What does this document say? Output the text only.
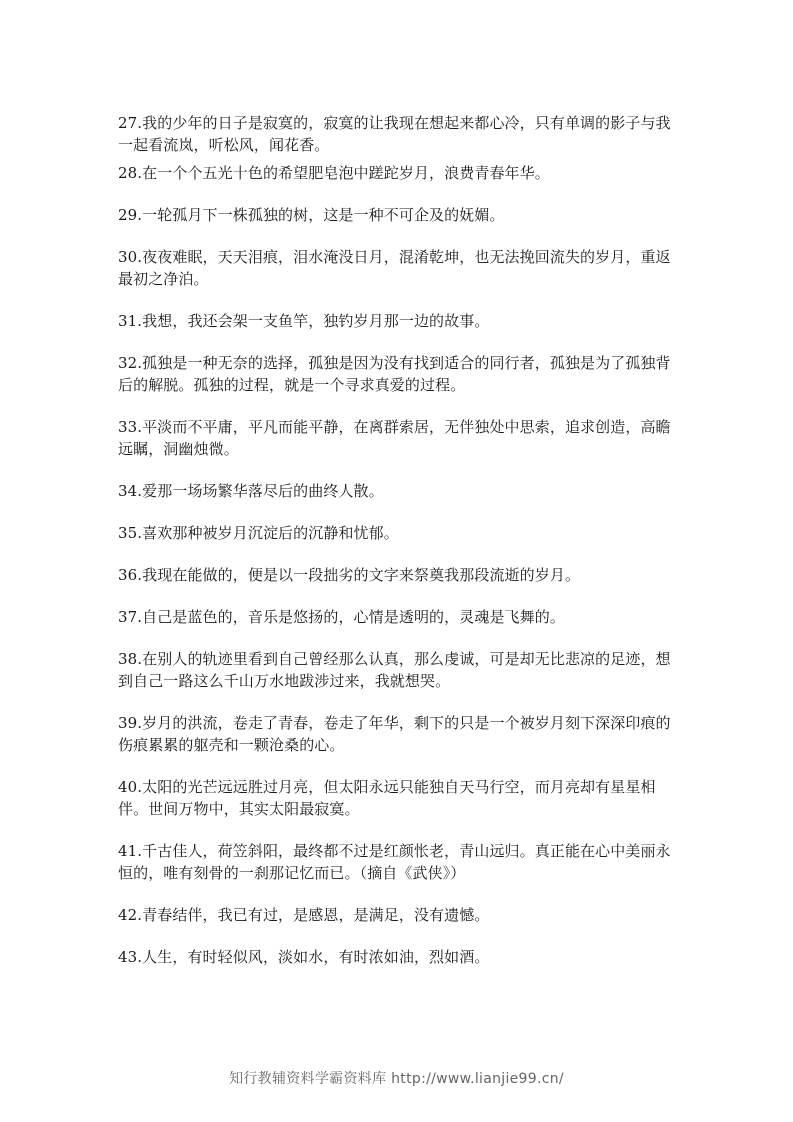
27.我的少年的日子是寂寞的，寂寞的让我现在想起来都心冷，只有单调的影子与我一起看流岚，听松风，闻花香。

28.在一个个五光十色的希望肥皂泡中蹉跎岁月，浪费青春年华。

29.一轮孤月下一株孤独的树，这是一种不可企及的妩媚。

30.夜夜难眠，天天泪痕，泪水淹没日月，混淆乾坤，也无法挽回流失的岁月，重返最初之净泊。

31.我想，我还会架一支鱼竿，独钓岁月那一边的故事。

32.孤独是一种无奈的选择，孤独是因为没有找到适合的同行者，孤独是为了孤独背后的解脱。孤独的过程，就是一个寻求真爱的过程。

33.平淡而不平庸，平凡而能平静，在离群索居，无伴独处中思索，追求创造，高瞻远瞩，洞幽烛微。

34.爱那一场场繁华落尽后的曲终人散。

35.喜欢那种被岁月沉淀后的沉静和忧郁。

36.我现在能做的，便是以一段拙劣的文字来祭奠我那段流逝的岁月。

37.自己是蓝色的，音乐是悠扬的，心情是透明的，灵魂是飞舞的。

38.在别人的轨迹里看到自己曾经那么认真，那么虔诚，可是却无比悲凉的足迹，想到自己一路这么千山万水地跋涉过来，我就想哭。

39.岁月的洪流，卷走了青春，卷走了年华，剩下的只是一个被岁月刻下深深印痕的伤痕累累的躯壳和一颗沧桑的心。

40.太阳的光芒远远胜过月亮，但太阳永远只能独自天马行空，而月亮却有星星相伴。世间万物中，其实太阳最寂寞。

41.千古佳人，荷笠斜阳，最终都不过是红颜怅老，青山远归。真正能在心中美丽永恒的，唯有刻骨的一刹那记忆而已。（摘自《武侠》）

42.青春结伴，我已有过，是感恩，是满足，没有遗憾。

43.人生，有时轻似风，淡如水，有时浓如油，烈如酒。

知行教辅资料学霸资料库 http://www.lianjie99.cn/
